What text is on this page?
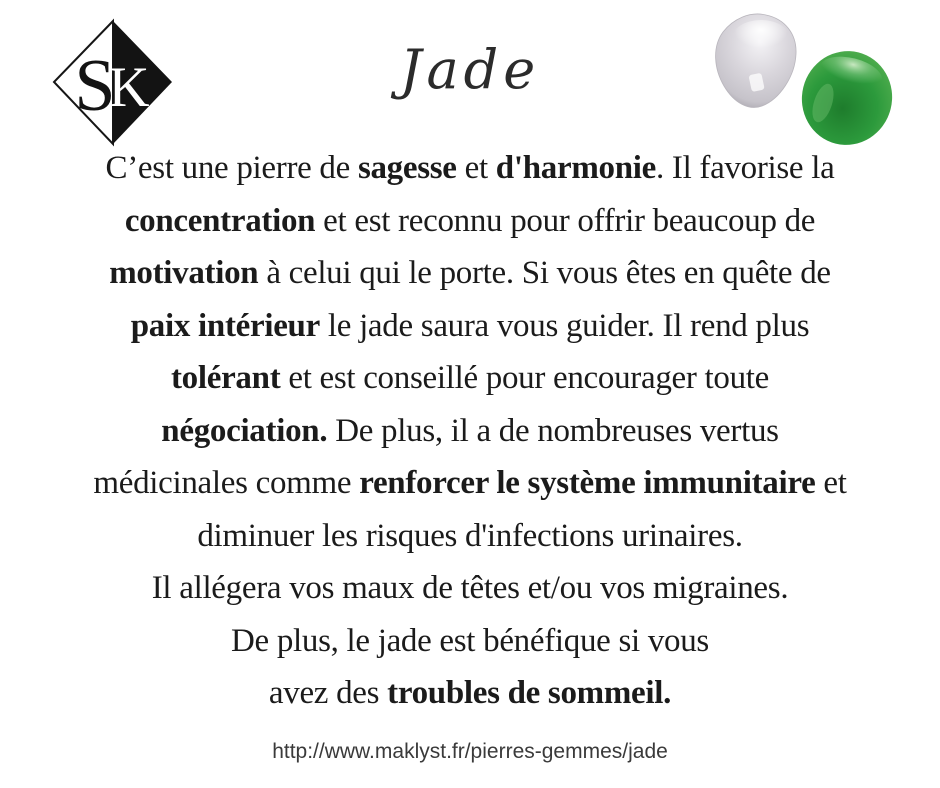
S
K	Jade
C’est une pierre de sagesse et d'harmonie. Il favorise la
concentration et est reconnu pour offrir beaucoup de
motivation à celui qui le porte. Si vous êtes en quête de
paix intérieur le jade saura vous guider. Il rend plus
tolérant et est conseillé pour encourager toute
négociation. De plus, il a de nombreuses vertus
médicinales comme renforcer le système immunitaire et
diminuer les risques d'infections urinaires.
Il allégera vos maux de têtes et/ou vos migraines.
De plus, le jade est bénéfique si vous
avez des troubles de sommeil.
http://www.maklyst.fr/pierres-gemmes/jade
